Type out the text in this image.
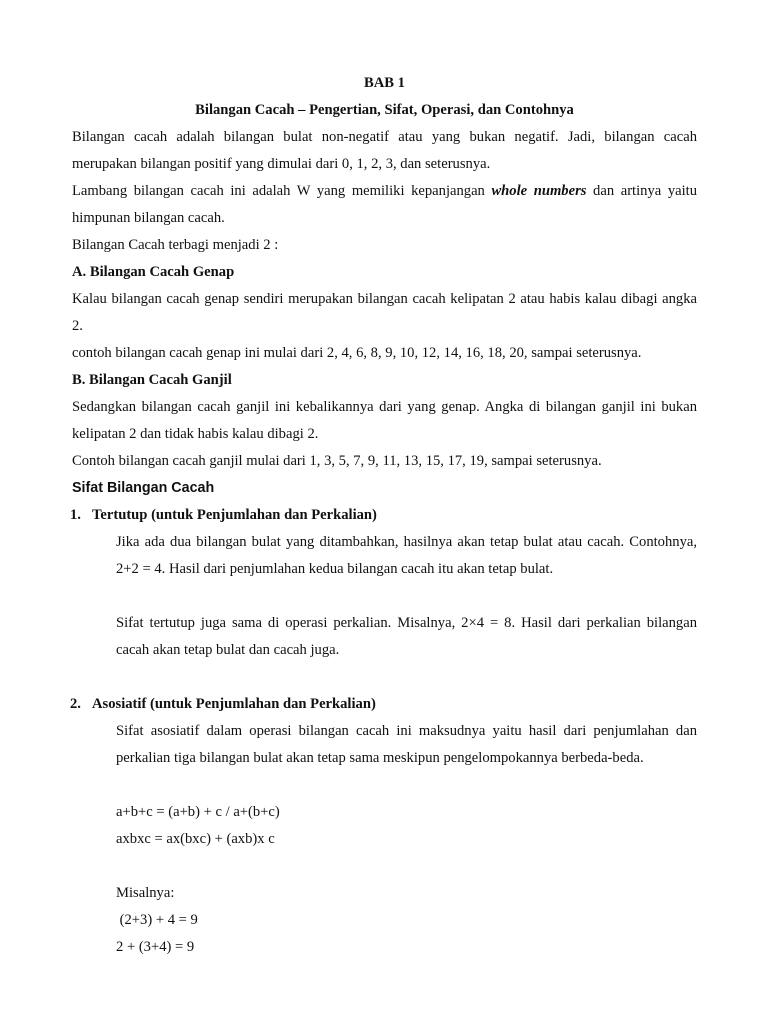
BAB 1
Bilangan Cacah – Pengertian, Sifat, Operasi, dan Contohnya

Bilangan cacah adalah bilangan bulat non-negatif atau yang bukan negatif. Jadi, bilangan cacah merupakan bilangan positif yang dimulai dari 0, 1, 2, 3, dan seterusnya.

Lambang bilangan cacah ini adalah W yang memiliki kepanjangan whole numbers dan artinya yaitu himpunan bilangan cacah.

Bilangan Cacah terbagi menjadi 2 :

A. Bilangan Cacah Genap

Kalau bilangan cacah genap sendiri merupakan bilangan cacah kelipatan 2 atau habis kalau dibagi angka 2.

contoh bilangan cacah genap ini mulai dari 2, 4, 6, 8, 9, 10, 12, 14, 16, 18, 20, sampai seterusnya.

B. Bilangan Cacah Ganjil

Sedangkan bilangan cacah ganjil ini kebalikannya dari yang genap. Angka di bilangan ganjil ini bukan kelipatan 2 dan tidak habis kalau dibagi 2.

Contoh bilangan cacah ganjil mulai dari 1, 3, 5, 7, 9, 11, 13, 15, 17, 19, sampai seterusnya.

Sifat Bilangan Cacah
1. Tertutup (untuk Penjumlahan dan Perkalian)

Jika ada dua bilangan bulat yang ditambahkan, hasilnya akan tetap bulat atau cacah. Contohnya, 2+2 = 4. Hasil dari penjumlahan kedua bilangan cacah itu akan tetap bulat.

Sifat tertutup juga sama di operasi perkalian. Misalnya, 2×4 = 8. Hasil dari perkalian bilangan cacah akan tetap bulat dan cacah juga.

2. Asosiatif (untuk Penjumlahan dan Perkalian)

Sifat asosiatif dalam operasi bilangan cacah ini maksudnya yaitu hasil dari penjumlahan dan perkalian tiga bilangan bulat akan tetap sama meskipun pengelompokannya berbeda-beda.

a+b+c = (a+b) + c / a+(b+c)

axbxc = ax(bxc) + (axb)x c

Misalnya:

(2+3) + 4 = 9

2 + (3+4) = 9
